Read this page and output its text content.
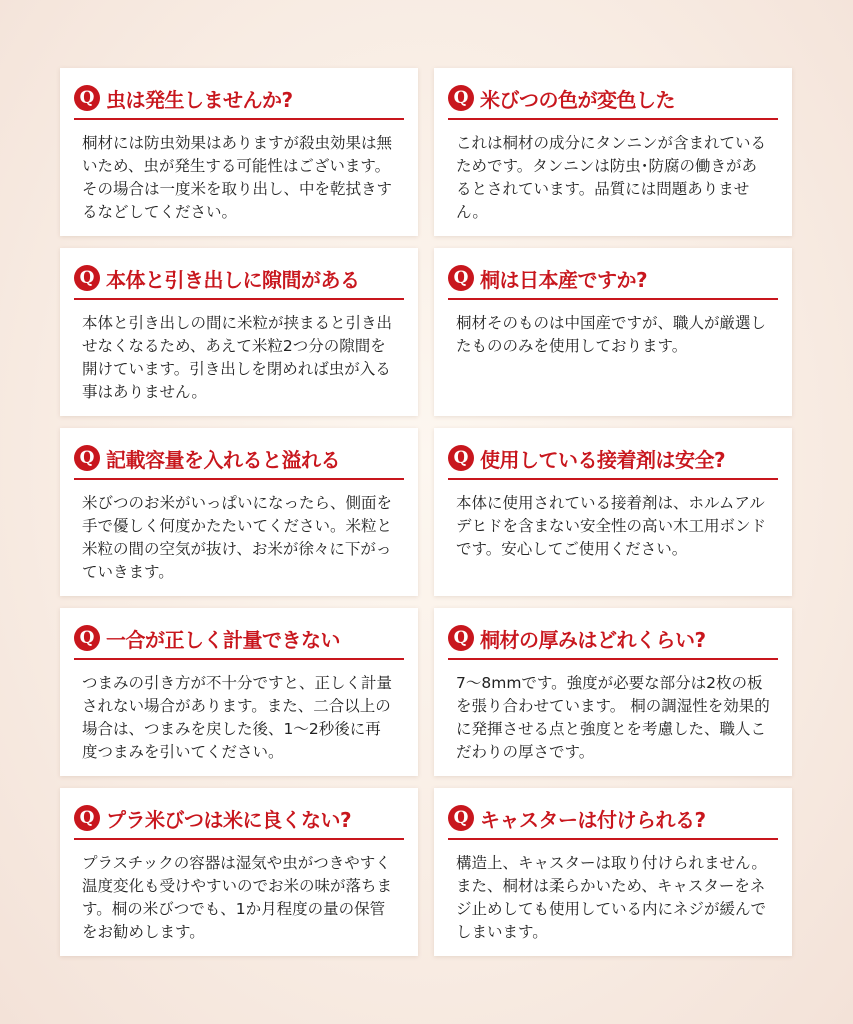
Q 虫は発生しませんか?
桐材には防虫効果はありますが殺虫効果は無いため、虫が発生する可能性はございます。その場合は一度米を取り出し、中を乾拭きするなどしてください。
Q 米びつの色が変色した
これは桐材の成分にタンニンが含まれているためです。タンニンは防虫･防腐の働きがあるとされています。品質には問題ありません。
Q 本体と引き出しに隙間がある
本体と引き出しの間に米粒が挟まると引き出せなくなるため、あえて米粒2つ分の隙間を開けています。引き出しを閉めれば虫が入る事はありません。
Q 桐は日本産ですか?
桐材そのものは中国産ですが、職人が厳選したもののみを使用しております。
Q 記載容量を入れると溢れる
米びつのお米がいっぱいになったら、側面を手で優しく何度かたたいてください。米粒と米粒の間の空気が抜け、お米が徐々に下がっていきます。
Q 使用している接着剤は安全?
本体に使用されている接着剤は、ホルムアルデヒドを含まない安全性の高い木工用ボンドです。安心してご使用ください。
Q 一合が正しく計量できない
つまみの引き方が不十分ですと、正しく計量されない場合があります。また、二合以上の場合は、つまみを戻した後、1～2秒後に再度つまみを引いてください。
Q 桐材の厚みはどれくらい?
7～8mmです。強度が必要な部分は2枚の板を張り合わせています。 桐の調湿性を効果的に発揮させる点と強度とを考慮した、職人こだわりの厚さです。
Q プラ米びつは米に良くない?
プラスチックの容器は湿気や虫がつきやすく温度変化も受けやすいのでお米の味が落ちます。桐の米びつでも、1か月程度の量の保管をお勧めします。
Q キャスターは付けられる?
構造上、キャスターは取り付けられません。また、桐材は柔らかいため、キャスターをネジ止めしても使用している内にネジが緩んでしまいます。
